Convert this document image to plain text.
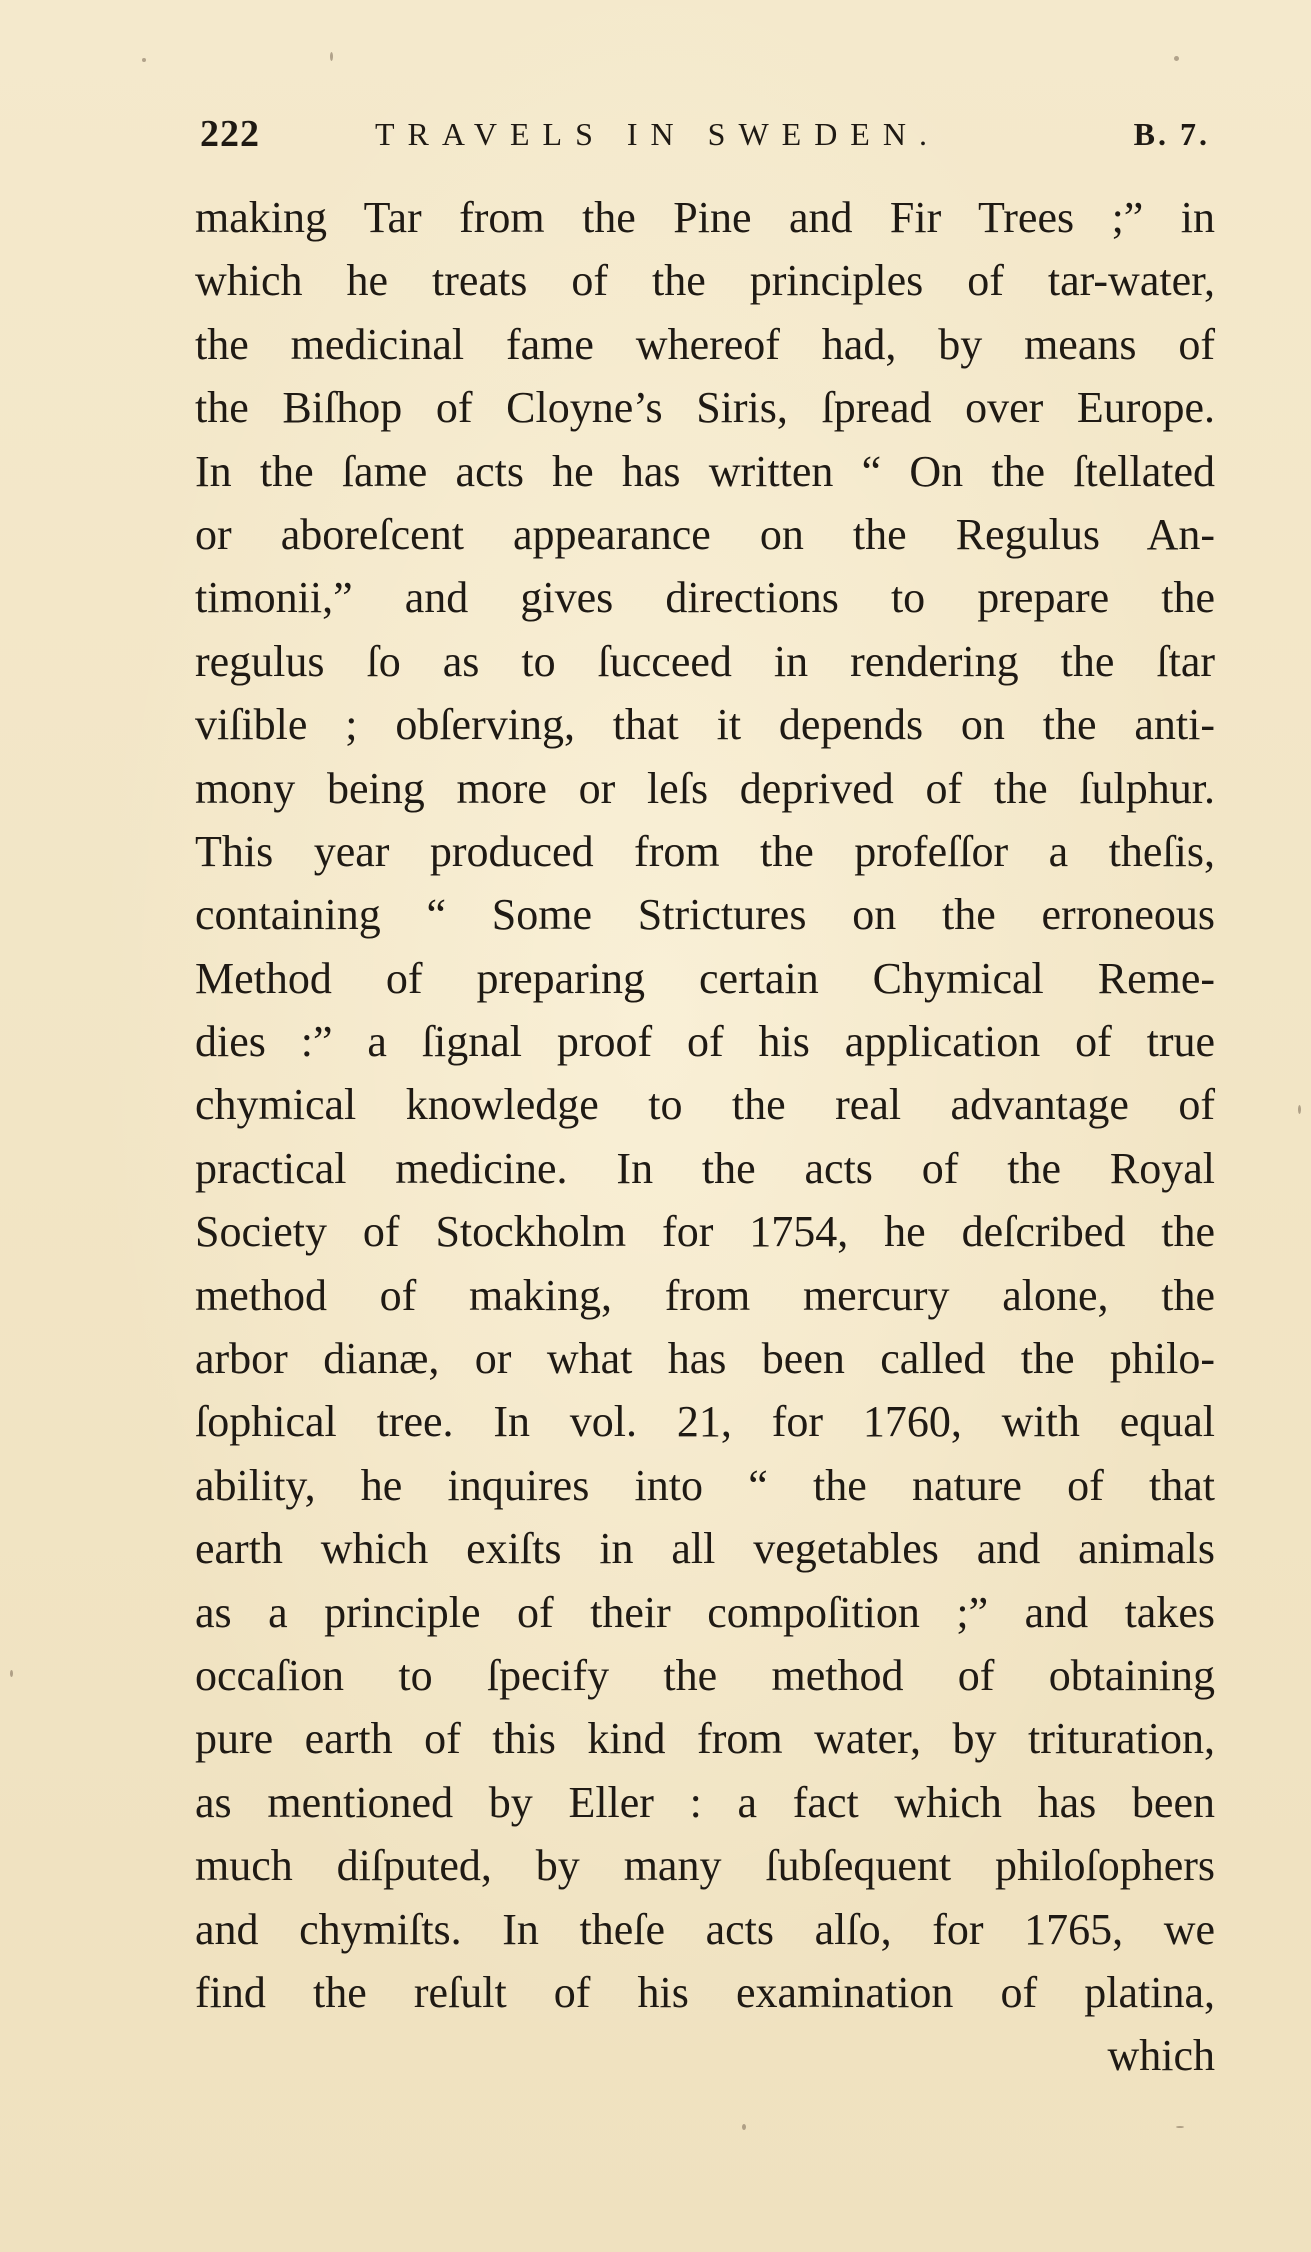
222	TRAVELS IN SWEDEN.	B. 7.
making Tar from the Pine and Fir Trees ;” in
which he treats of the principles of tar-water,
the medicinal fame whereof had, by means of
the Biſhop of Cloyne’s Siris, ſpread over Europe.
In the ſame acts he has written “ On the ſtellated
or aboreſcent appearance on the Regulus An-
timonii,” and gives directions to prepare the
regulus ſo as to ſucceed in rendering the ſtar
viſible ; obſerving, that it depends on the anti-
mony being more or leſs deprived of the ſulphur.
This year produced from the profeſſor a theſis,
containing “ Some Strictures on the erroneous
Method of preparing certain Chymical Reme-
dies :” a ſignal proof of his application of true
chymical knowledge to the real advantage of
practical medicine. In the acts of the Royal
Society of Stockholm for 1754, he deſcribed the
method of making, from mercury alone, the
arbor dianæ, or what has been called the philo-
ſophical tree. In vol. 21, for 1760, with equal
ability, he inquires into “ the nature of that
earth which exiſts in all vegetables and animals
as a principle of their compoſition ;” and takes
occaſion to ſpecify the method of obtaining
pure earth of this kind from water, by trituration,
as mentioned by Eller : a fact which has been
much diſputed, by many ſubſequent philoſophers
and chymiſts. In theſe acts alſo, for 1765, we
find the reſult of his examination of platina,
which
